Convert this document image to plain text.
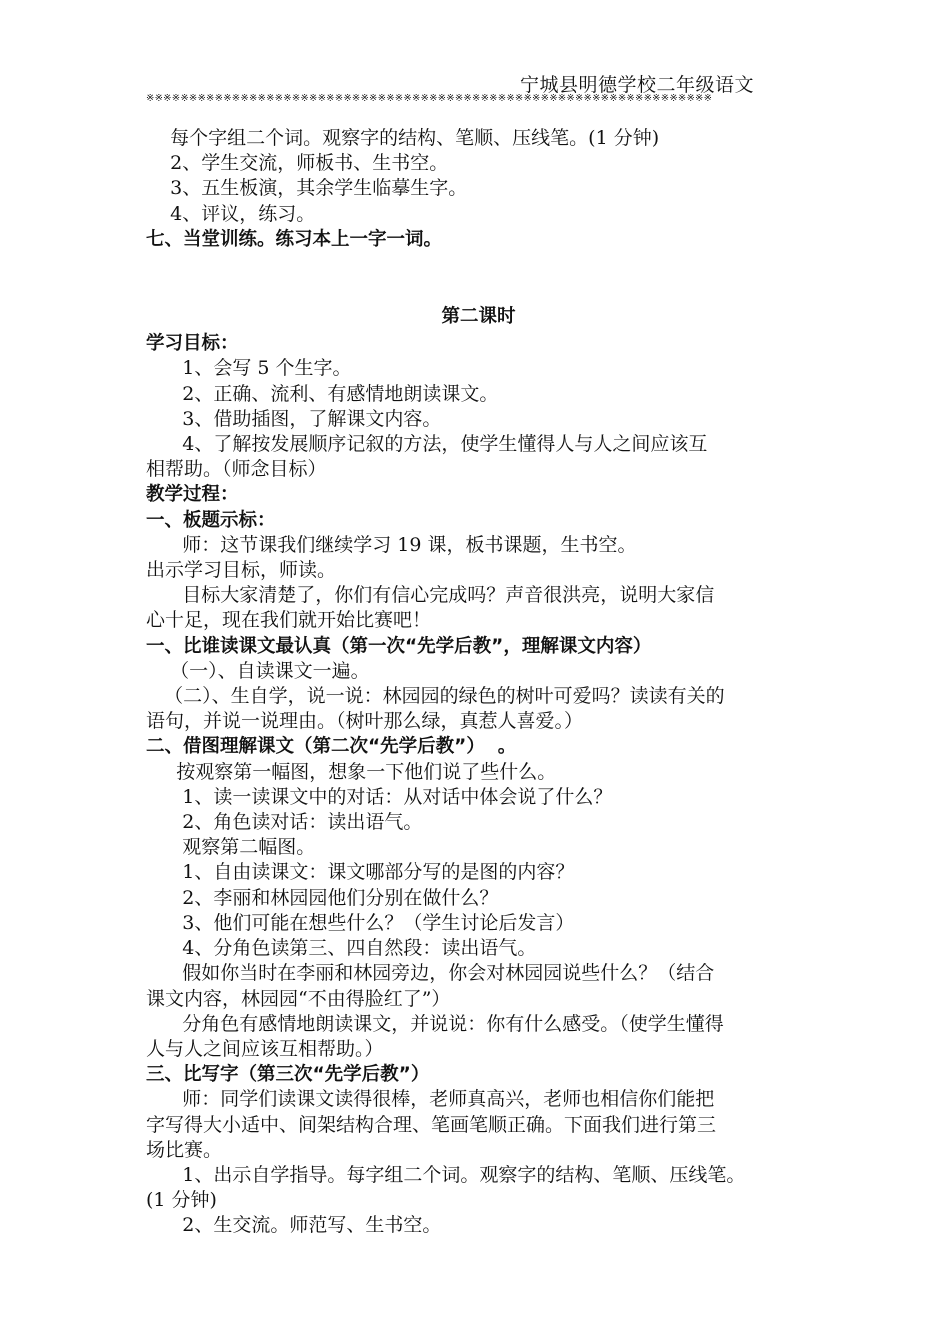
宁城县明德学校二年级语文
※※※※※※※※※※※※※※※※※※※※※※※※※※※※※※※※※※※※※※※※※※※※※※※※※※※※※※※※※※※※※※※※※※

每个字组二个词。观察字的结构、笔顺、压线笔。(1 分钟)

2、学生交流，师板书、生书空。

3、五生板演，其余学生临摹生字。

4、评议，练习。

七、当堂训练。练习本上一字一词。

第二课时

学习目标：

1、会写 5 个生字。

2、正确、流利、有感情地朗读课文。

3、借助插图，了解课文内容。

4、了解按发展顺序记叙的方法，使学生懂得人与人之间应该互

相帮助。（师念目标）

教学过程：

一、板题示标：

师：这节课我们继续学习 19 课，板书课题，生书空。

出示学习目标，师读。

目标大家清楚了，你们有信心完成吗？声音很洪亮，说明大家信

心十足，现在我们就开始比赛吧！

一、比谁读课文最认真（第一次“先学后教”，理解课文内容）

（一）、自读课文一遍。

（二）、生自学，说一说：林园园的绿色的树叶可爱吗？读读有关的

语句，并说一说理由。（树叶那么绿，真惹人喜爱。）

二、借图理解课文（第二次“先学后教”）  。

按观察第一幅图，想象一下他们说了些什么。

1、读一读课文中的对话：从对话中体会说了什么？

2、角色读对话：读出语气。

观察第二幅图。

1、自由读课文：课文哪部分写的是图的内容？

2、李丽和林园园他们分别在做什么？

3、他们可能在想些什么？（学生讨论后发言）

4、分角色读第三、四自然段：读出语气。

假如你当时在李丽和林园旁边，你会对林园园说些什么？（结合

课文内容，林园园“不由得脸红了”）

分角色有感情地朗读课文，并说说：你有什么感受。（使学生懂得

人与人之间应该互相帮助。）

三、比写字（第三次“先学后教”）

师：同学们读课文读得很棒，老师真高兴，老师也相信你们能把

字写得大小适中、间架结构合理、笔画笔顺正确。下面我们进行第三

场比赛。

1、出示自学指导。每字组二个词。观察字的结构、笔顺、压线笔。

(1 分钟)

2、生交流。师范写、生书空。
